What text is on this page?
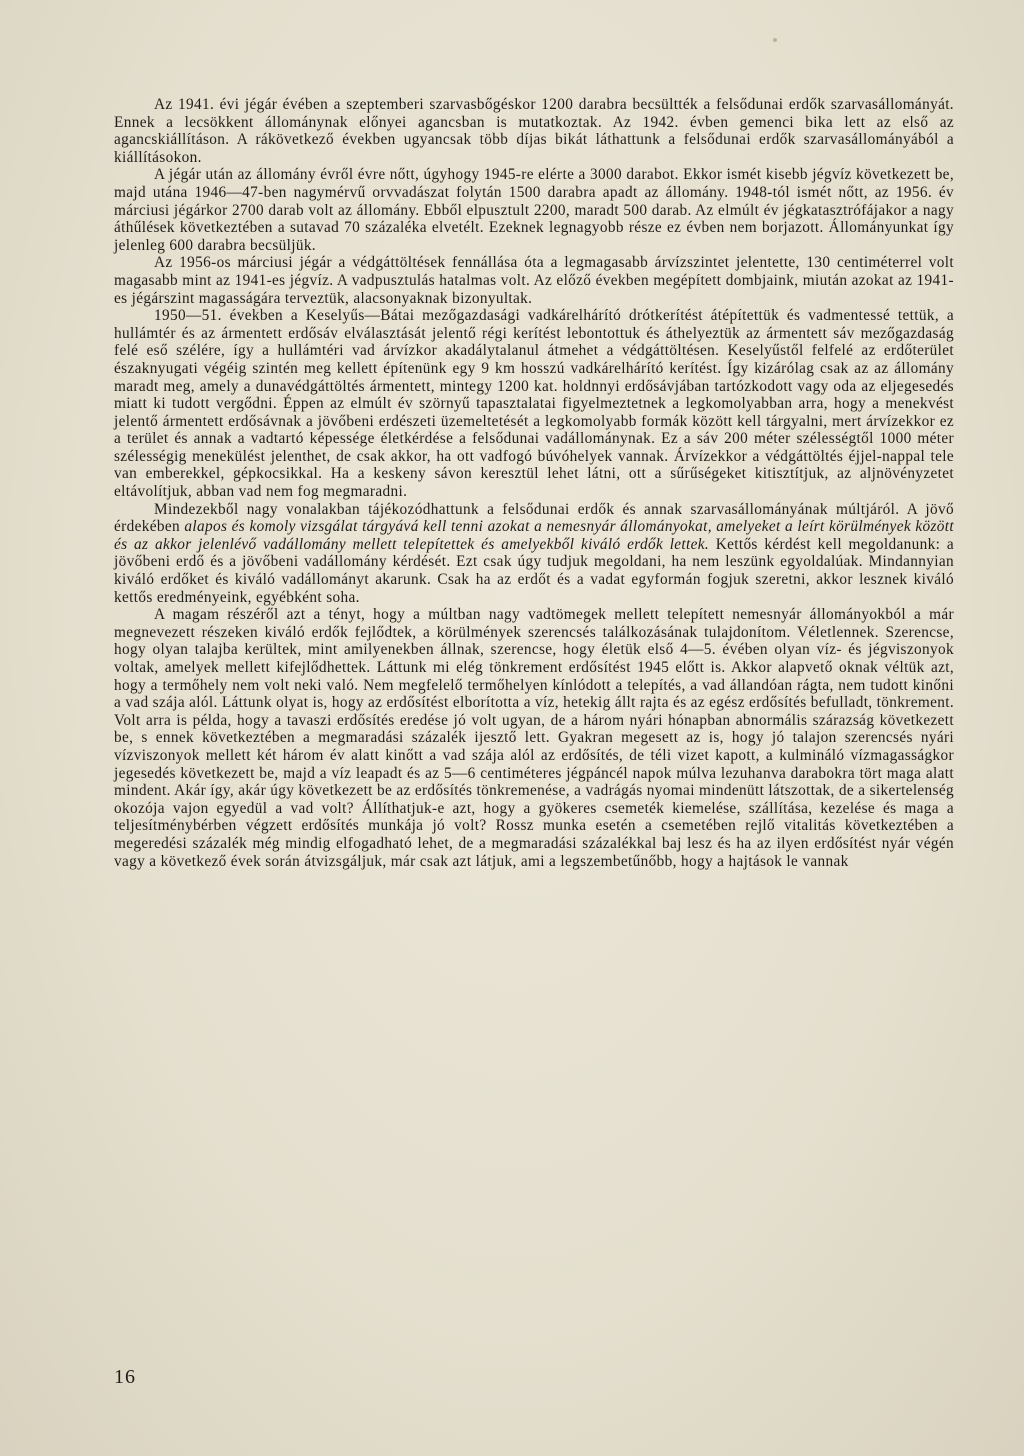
Az 1941. évi jégár évében a szeptemberi szarvasbőgéskor 1200 darabra becsültték a felsődunai erdők szarvasállományát. Ennek a lecsökkent állománynak előnyei agancsban is mutatkoztak. Az 1942. évben gemenci bika lett az első az agancskiállításon. A rákövetkező években ugyancsak több díjas bikát láthattunk a felsődunai erdők szarvasállományából a kiállításokon.

A jégár után az állomány évről évre nőtt, úgyhogy 1945-re elérte a 3000 darabot. Ekkor ismét kisebb jégvíz következett be, majd utána 1946—47-ben nagymérvű orvvadászat folytán 1500 darabra apadt az állomány. 1948-tól ismét nőtt, az 1956. év márciusi jégárkor 2700 darab volt az állomány. Ebből elpusztult 2200, maradt 500 darab. Az elmúlt év jégkatasztrófájakor a nagy áthűlések következtében a sutavad 70 százaléka elvetélt. Ezeknek legnagyobb része ez évben nem borjazott. Állományunkat így jelenleg 600 darabra becsüljük.

Az 1956-os márciusi jégár a védgáttöltések fennállása óta a legmagasabb árvízszintet jelentette, 130 centiméterrel volt magasabb mint az 1941-es jégvíz. A vadpusztulás hatalmas volt. Az előző években megépített dombjaink, miután azokat az 1941-es jégárszint magasságára terveztük, alacsonyaknak bizonyultak.

1950—51. években a Keselyűs—Bátai mezőgazdasági vadkárelhárító drótkerítést átépítettük és vadmentessé tettük, a hullámtér és az ármentett erdősáv elválasztását jelentő régi kerítést lebontottuk és áthelyeztük az ármentett sáv mezőgazdaság felé eső szélére, így a hullámtéri vad árvízkor akadálytalanul átmehet a védgáttöltésen. Keselyűstől felfelé az erdőterület északnyugati végéig szintén meg kellett építenünk egy 9 km hosszú vadkárelhárító kerítést. Így kizárólag csak az az állomány maradt meg, amely a dunavédgáttöltés ármentett, mintegy 1200 kat. holdnnyi erdősávjában tartózkodott vagy oda az eljegesedés miatt ki tudott vergődni. Éppen az elmúlt év szörnyű tapasztalatai figyelmeztetnek a legkomolyabban arra, hogy a menekvést jelentő ármentett erdősávnak a jövőbeni erdészeti üzemeltetését a legkomolyabb formák között kell tárgyalni, mert árvízekkor ez a terület és annak a vadtartó képessége életkérdése a felsődunai vadállománynak. Ez a sáv 200 méter szélességtől 1000 méter szélességig menekülést jelenthet, de csak akkor, ha ott vadfogó búvóhelyek vannak. Árvízekkor a védgáttöltés éjjel-nappal tele van emberekkel, gépkocsikkal. Ha a keskeny sávon keresztül lehet látni, ott a sűrűségeket kitisztítjuk, az aljnövényzetet eltávolítjuk, abban vad nem fog megmaradni.

Mindezekből nagy vonalakban tájékozódhattunk a felsődunai erdők és annak szarvasállományának múltjáról. A jövő érdekében alapos és komoly vizsgálat tárgyává kell tenni azokat a nemesnyár állományokat, amelyeket a leírt körülmények között és az akkor jelenlévő vadállomány mellett telepítettek és amelyekből kiváló erdők lettek. Kettős kérdést kell megoldanunk: a jövőbeni erdő és a jövőbeni vadállomány kérdését. Ezt csak úgy tudjuk megoldani, ha nem leszünk egyoldalúak. Mindannyian kiváló erdőket és kiváló vadállományt akarunk. Csak ha az erdőt és a vadat egyformán fogjuk szeretni, akkor lesznek kiváló kettős eredményeink, egyébként soha.

A magam részéről azt a tényt, hogy a múltban nagy vadtömegek mellett telepített nemesnyár állományokból a már megnevezett részeken kiváló erdők fejlődtek, a körülmények szerencsés találkozásának tulajdonítom. Véletlennek. Szerencse, hogy olyan talajba kerültek, mint amilyenekben állnak, szerencse, hogy életük első 4—5. évében olyan víz- és jégviszonyok voltak, amelyek mellett kifejlődhettek. Láttunk mi elég tönkrement erdősítést 1945 előtt is. Akkor alapvető oknak véltük azt, hogy a termőhely nem volt neki való. Nem megfelelő termőhelyen kínlódott a telepítés, a vad állandóan rágta, nem tudott kinőni a vad szája alól. Láttunk olyat is, hogy az erdősítést elborította a víz, hetekig állt rajta és az egész erdősítés befulladt, tönkrement. Volt arra is példa, hogy a tavaszi erdősítés eredése jó volt ugyan, de a három nyári hónapban abnormális szárazság következett be, s ennek következtében a megmaradási százalék ijesztő lett. Gyakran megesett az is, hogy jó talajon szerencsés nyári vízviszonyok mellett két három év alatt kinőtt a vad szája alól az erdősítés, de téli vizet kapott, a kulmináló vízmagasságkor jegesedés következett be, majd a víz leapadt és az 5—6 centiméteres jégpáncél napok múlva lezuhanva darabokra tört maga alatt mindent. Akár így, akár úgy következett be az erdősítés tönkremenése, a vadrágás nyomai mindenütt látszottak, de a sikertelenség okozója vajon egyedül a vad volt? Állíthatjuk-e azt, hogy a gyökeres csemeték kiemelése, szállítása, kezelése és maga a teljesítménybérben végzett erdősítés munkája jó volt? Rossz munka esetén a csemetében rejlő vitalitás következtében a megeredési százalék még mindig elfogadható lehet, de a megmaradási százalékkal baj lesz és ha az ilyen erdősítést nyár végén vagy a következő évek során átvizsgáljuk, már csak azt látjuk, ami a legszembetűnőbb, hogy a hajtások le vannak

16
